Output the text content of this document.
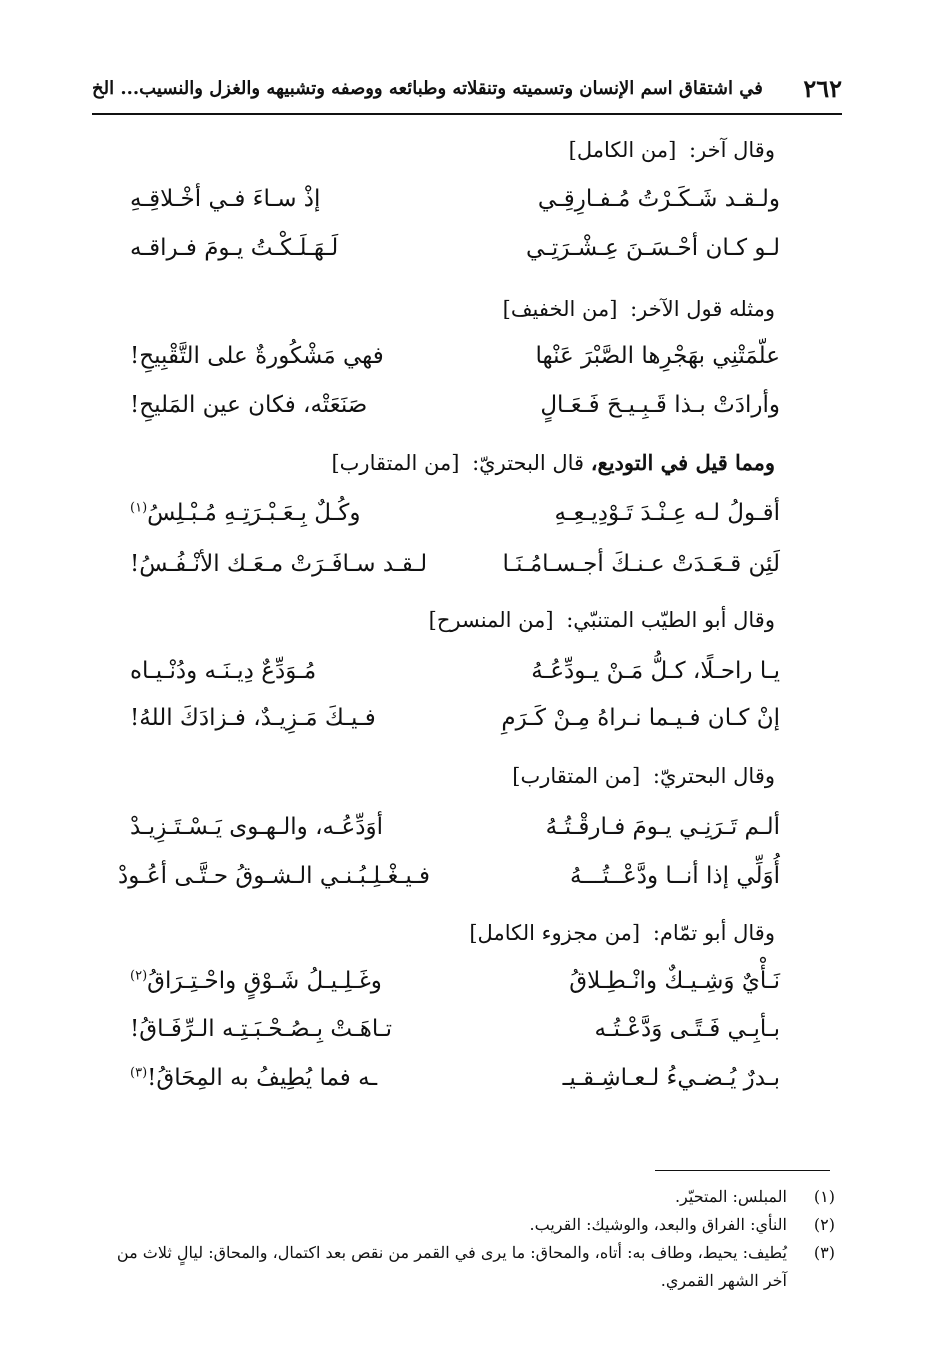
٢٦٢
في اشتقاق اسم الإنسان وتسميته وتنقلاته وطبائعه ووصفه وتشبيهه والغزل والنسيب... الخ
وقال آخر: [من الكامل]
ولـقـد شَـكَـرْتُ مُـفـارِقِـي
إذْ سـاءَ فـي أخْـلاقِـهِ
لـو كـان أحْـسَـنَ عِـشْـرَتِـي
لَـهَـلَـكْـتُ يـومَ فـراقـه
ومثله قول الآخر: [من الخفيف]
علّمَتْنِي بهَجْرِها الصَّبْرَ عَنْها
فهي مَشْكُورةٌ على التَّقْبِيحِ!
وأرادَتْ بـذا قَـبِـيـحَ فَـعَـالٍ
صَنَعَتْه، فكان عين المَليحِ!
ومما قيل في التوديع، قال البحتريّ: [من المتقارب]
أقـولُ لـه عِـنْـدَ تَـوْدِيـعِـهِ
وكُـلٌ بِـعَـبْـرَتِـهِ مُـبْـلِسُ$^{(١)}$
لَئِن قـعَـدَتْ عـنـكَ أجـسـامُـنَـا
لـقـد سـافَـرَتْ مـعَـك الأنْـفُـسُ!
وقال أبو الطيّب المتنبّي: [من المنسرح]
يـا راحـلًا، كـلُّ مَـنْ يـودِّعُـهُ
مُـوَدِّعٌ دِيـنَـه ودُنْـيـاه
إنْ كـان فـيـما نـراهُ مِـنْ كَـرَمِ
فـيـكَ مَـزِيـدٌ، فـزادَكَ اللهُ!
وقال البحتريّ: [من المتقارب]
ألـم تَـرَنِـي يـومَ فـارقْـتُـهُ
أوَدِّعُـه، والـهـوى يَـسْـتَـزِيـدْ
أُوَلِّي إذا أنــا ودَّعْــتُـــهُ
فـيـغْـلِـبُـنـي الـشـوقُ حـتَّـى أعُـودْ
وقال أبو تمّام: [من مجزوء الكامل]
نَـأْيٌ وَشِـيـكٌ وانْـطِـلاقُ
وغَـلِـيـلُ شَـوْقٍ واحْـتِـرَاقُ$^{(٢)}$
بـأبِـي فَـتًـى وَدَّعْـتُـه
تـاهَـتْ بِـصُـحْـبَـتِـه الـرِّفَـاقُ!
بـدرٌ يُـضـيءُ لـعـاشِـقـيـ
ـه فما يُطِيفُ به المِحَاقُ!$^{(٣)}$
(١)
المبلس: المتحيّر.
(٢)
النأي: الفراق والبعد، والوشيك: القريب.
(٣)
يُطيف: يحيط، وطاف به: أتاه، والمحاق: ما يرى في القمر من نقص بعد اكتمال، والمحاق: ليالٍ ثلاث من آخر الشهر القمري.
